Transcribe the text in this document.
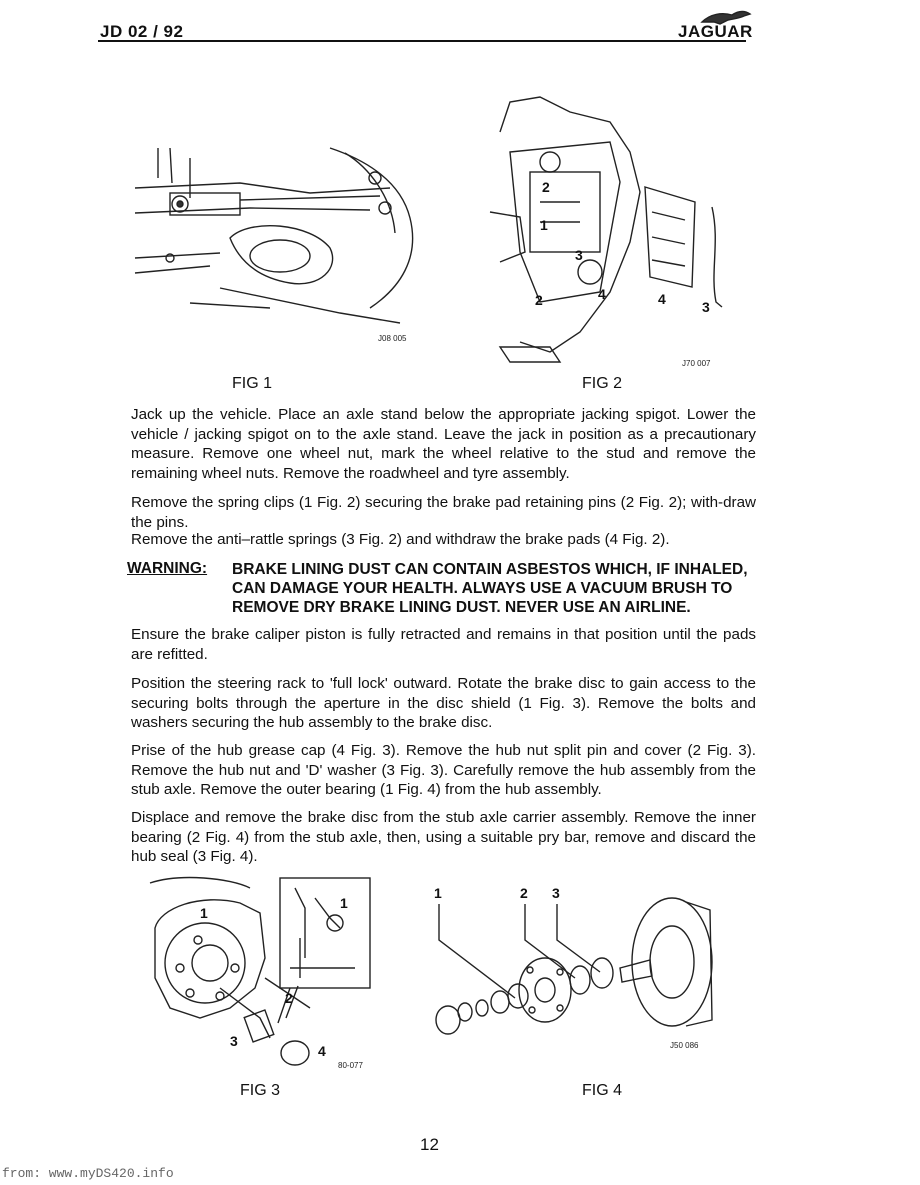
JD 02 / 92	JAGUAR
J08 005
1
2
3
4
2	4	3
J70 007
FIG 1	FIG 2

Jack up the vehicle. Place an axle stand below the appropriate jacking spigot. Lower the vehicle / jacking spigot on to the axle stand. Leave the jack in position as a precautionary measure. Remove one wheel nut, mark the wheel relative to the stud and remove the remaining wheel nuts. Remove the roadwheel and tyre assembly.

Remove the spring clips (1 Fig. 2) securing the brake pad retaining pins (2 Fig. 2); with-draw the pins.

Remove the anti–rattle springs (3 Fig. 2) and withdraw the brake pads (4 Fig. 2).

WARNING: BRAKE LINING DUST CAN CONTAIN ASBESTOS WHICH, IF INHALED, CAN DAMAGE YOUR HEALTH. ALWAYS USE A VACUUM BRUSH TO REMOVE DRY BRAKE LINING DUST. NEVER USE AN AIRLINE.

Ensure the brake caliper piston is fully retracted and remains in that position until the pads are refitted.

Position the steering rack to 'full lock' outward. Rotate the brake disc to gain access to the securing bolts through the aperture in the disc shield (1 Fig. 3). Remove the bolts and washers securing the hub assembly to the brake disc.

Prise of the hub grease cap (4 Fig. 3). Remove the hub nut split pin and cover (2 Fig. 3). Remove the hub nut and 'D' washer (3 Fig. 3). Carefully remove the hub assembly from the stub axle. Remove the outer bearing (1 Fig. 4) from the hub assembly.

Displace and remove the brake disc from the stub axle carrier assembly. Remove the inner bearing (2 Fig. 4) from the stub axle, then, using a suitable pry bar, remove and discard the hub seal (3 Fig. 4).

1
1
2
3
4
80-077
1	2 3
J50 086
FIG 3	FIG 4
12
from: www.myDS420.info
